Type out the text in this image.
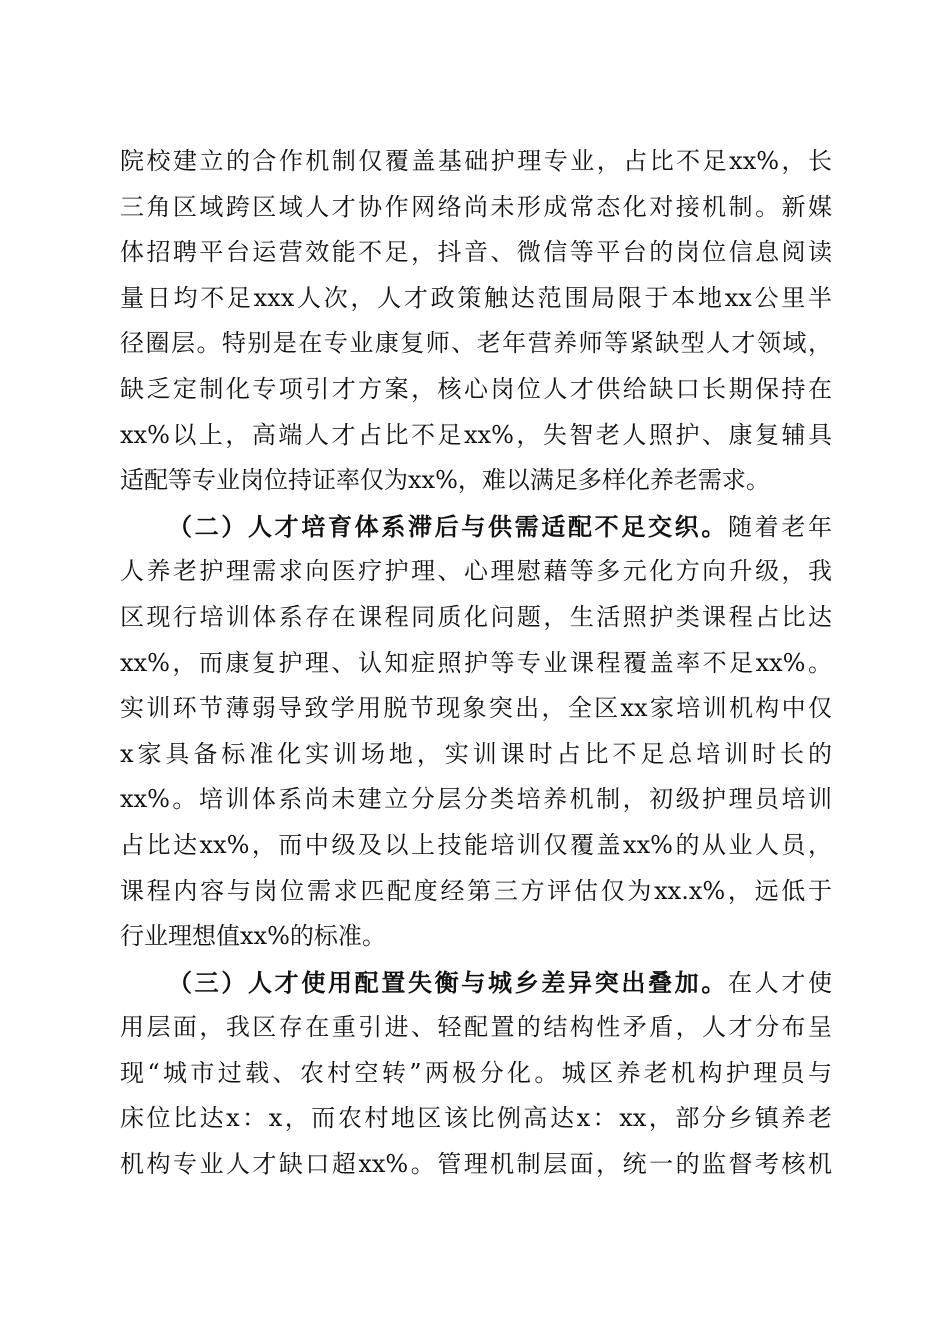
院校建立的合作机制仅覆盖基础护理专业，占比不足xx%，长
三角区域跨区域人才协作网络尚未形成常态化对接机制。新媒
体招聘平台运营效能不足，抖音、微信等平台的岗位信息阅读
量日均不足xxx人次，人才政策触达范围局限于本地xx公里半
径圈层。特别是在专业康复师、老年营养师等紧缺型人才领域，
缺乏定制化专项引才方案，核心岗位人才供给缺口长期保持在
xx%以上，高端人才占比不足xx%，失智老人照护、康复辅具
适配等专业岗位持证率仅为xx%，难以满足多样化养老需求。
（二）人才培育体系滞后与供需适配不足交织。随着老年
人养老护理需求向医疗护理、心理慰藉等多元化方向升级，我
区现行培训体系存在课程同质化问题，生活照护类课程占比达
xx%，而康复护理、认知症照护等专业课程覆盖率不足xx%。
实训环节薄弱导致学用脱节现象突出，全区xx家培训机构中仅
x家具备标准化实训场地，实训课时占比不足总培训时长的
xx%。培训体系尚未建立分层分类培养机制，初级护理员培训
占比达xx%，而中级及以上技能培训仅覆盖xx%的从业人员，
课程内容与岗位需求匹配度经第三方评估仅为xx.x%，远低于
行业理想值xx%的标准。
（三）人才使用配置失衡与城乡差异突出叠加。在人才使
用层面，我区存在重引进、轻配置的结构性矛盾，人才分布呈
现“城市过载、农村空转”两极分化。城区养老机构护理员与
床位比达x：x，而农村地区该比例高达x：xx，部分乡镇养老
机构专业人才缺口超xx%。管理机制层面，统一的监督考核机
